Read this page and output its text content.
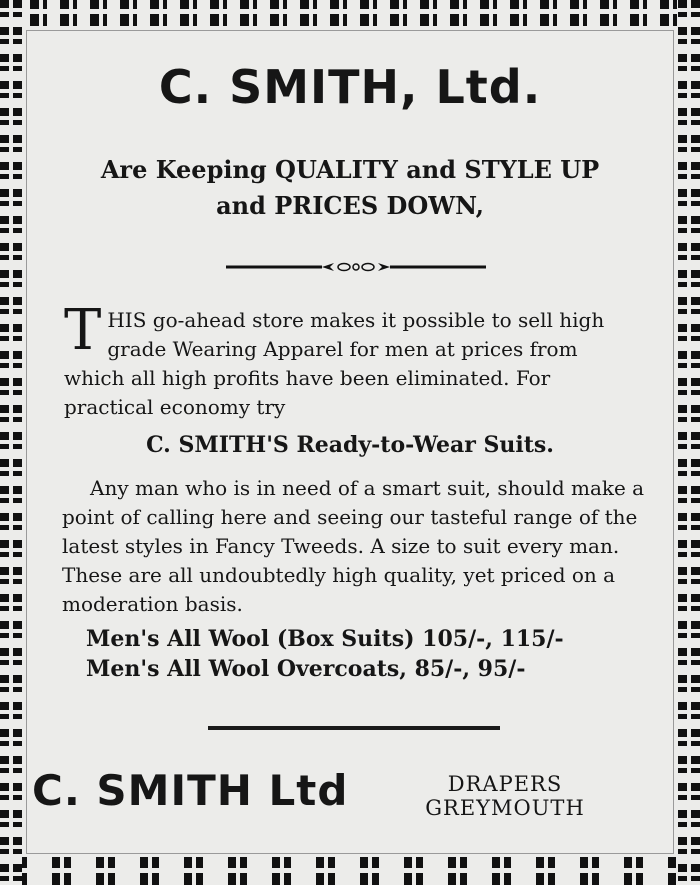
C. SMITH, Ltd.
Are Keeping QUALITY and STYLE UP
and PRICES DOWN,

THIS go-ahead store makes it possible to sell high grade Wearing Apparel for men at prices from which all high profits have been eliminated. For practical economy try

C. SMITH'S Ready-to-Wear Suits.

Any man who is in need of a smart suit, should make a point of calling here and seeing our tasteful range of the latest styles in Fancy Tweeds. A size to suit every man. These are all undoubtedly high quality, yet priced on a moderation basis.

Men's All Wool (Box Suits) 105/-, 115/-
Men's All Wool Overcoats, 85/-, 95/-
C. SMITH Ltd	DRAPERS
GREYMOUTH
